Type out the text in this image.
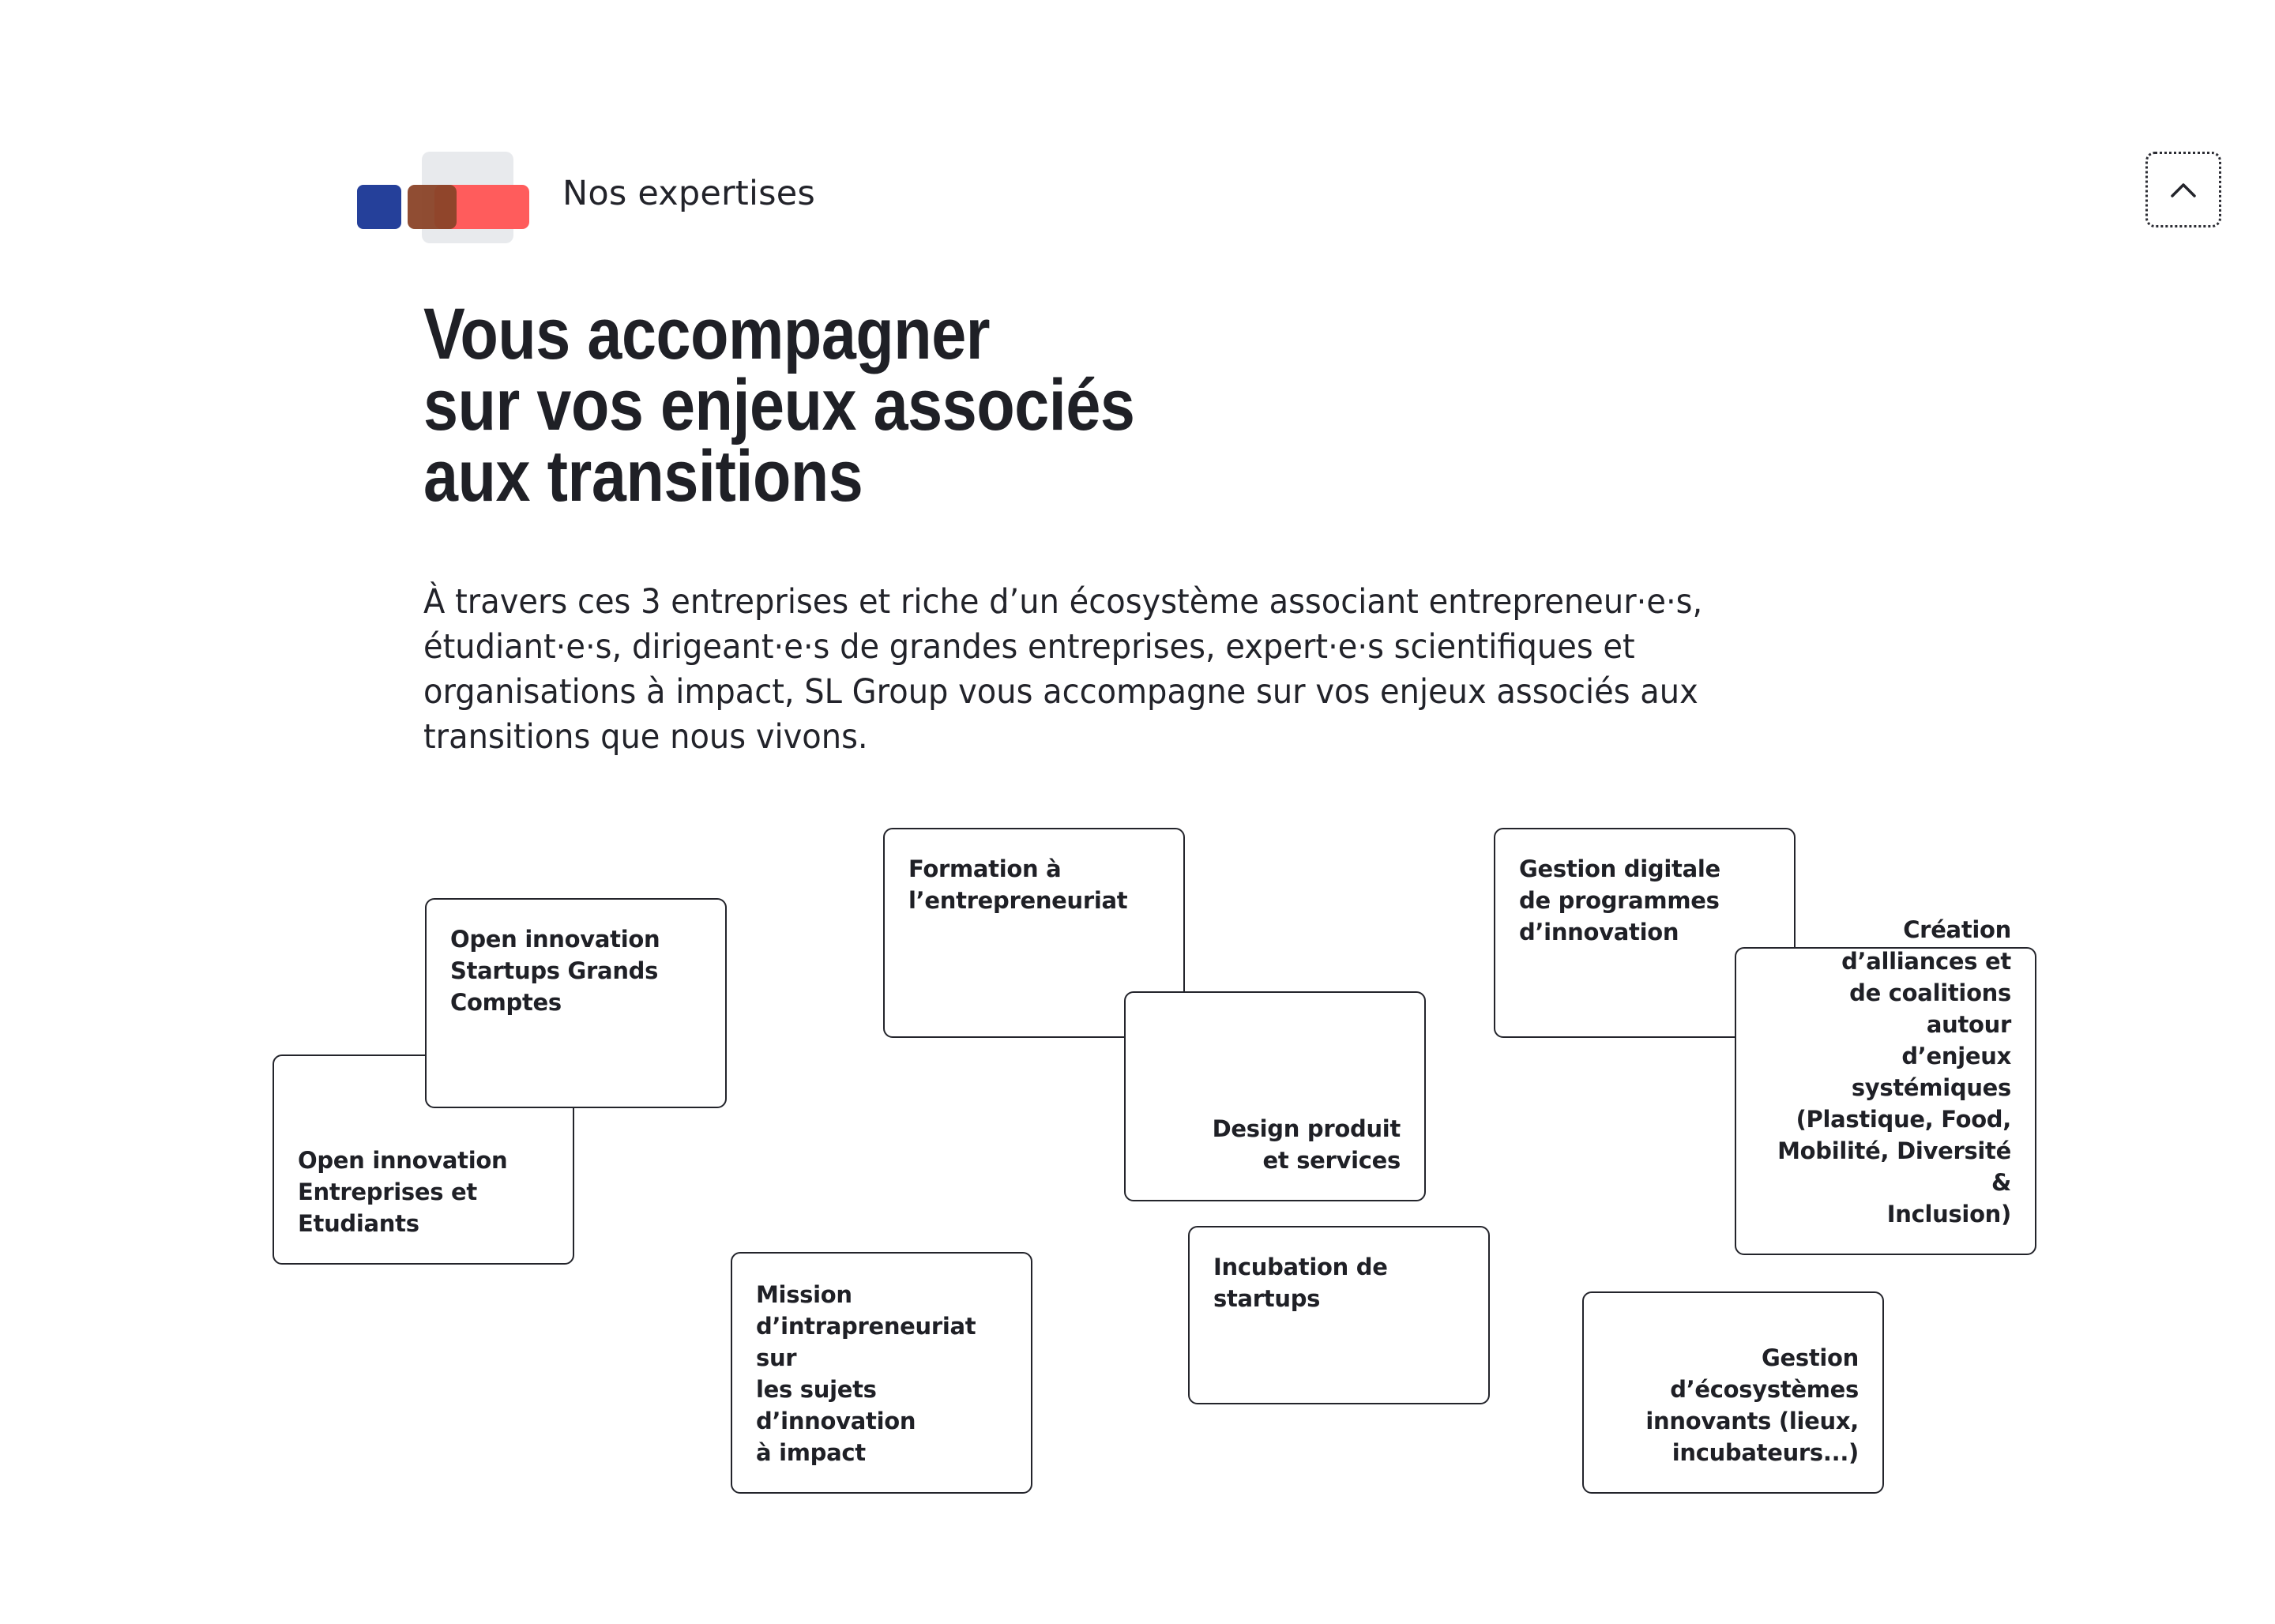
Nos expertises
Vous accompagner
sur vos enjeux associés
aux transitions

À travers ces 3 entreprises et riche d’un écosystème associant entrepreneur·e·s, étudiant·e·s, dirigeant·e·s de grandes entreprises, expert·e·s scientifiques et organisations à impact, SL Group vous accompagne sur vos enjeux associés aux transitions que nous vivons.

Open innovation
Entreprises et
Etudiants
Open innovation
Startups Grands
Comptes
Formation à
l’entrepreneuriat
Design produit
et services
Gestion digitale
de programmes
d’innovation	Création d’alliances et
de coalitions autour
d’enjeux systémiques
(Plastique, Food,
Mobilité, Diversité &
Inclusion)
Incubation de startups
Mission
d’intrapreneuriat sur
les sujets d’innovation
à impact
Gestion d’écosystèmes
innovants (lieux,
incubateurs...)
